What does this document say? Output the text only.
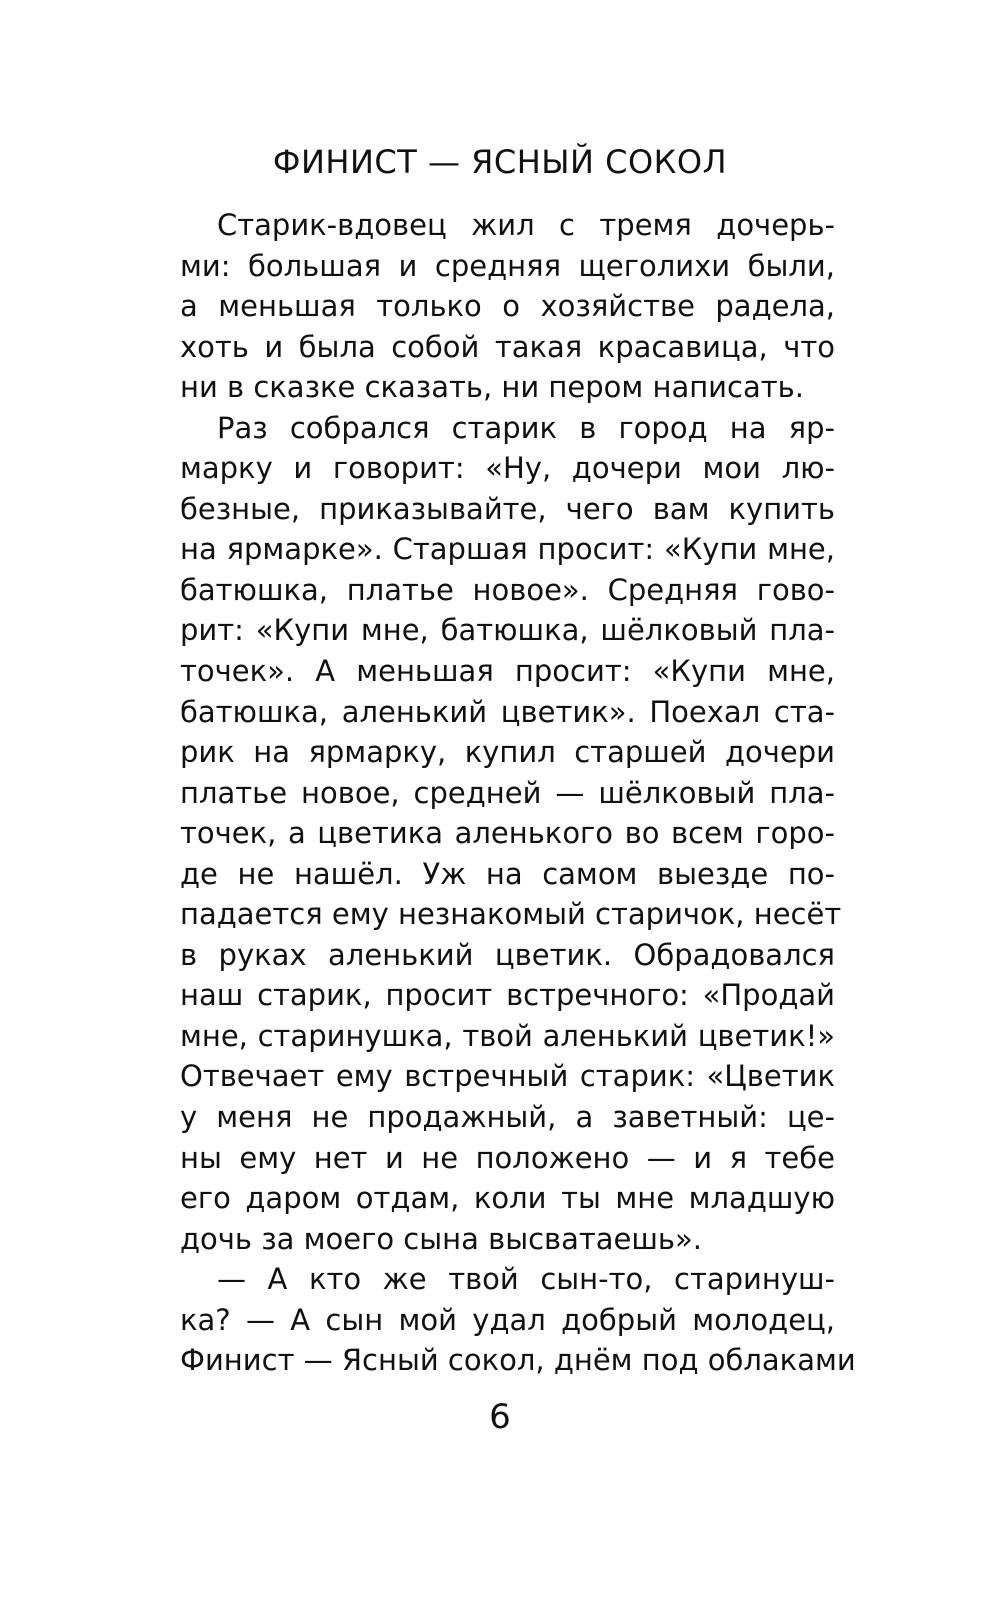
ФИНИСТ — ЯСНЫЙ СОКОЛ
Старик-вдовец жил с тремя дочерь-
ми: большая и средняя щеголихи были,
а меньшая только о хозяйстве радела,
хоть и была собой такая красавица, что
ни в сказке сказать, ни пером написать.
Раз собрался старик в город на яр-
марку и говорит: «Ну, дочери мои лю-
безные, приказывайте, чего вам купить
на ярмарке». Старшая просит: «Купи мне,
батюшка, платье новое». Средняя гово-
рит: «Купи мне, батюшка, шёлковый пла-
точек». А меньшая просит: «Купи мне,
батюшка, аленький цветик». Поехал ста-
рик на ярмарку, купил старшей дочери
платье новое, средней — шёлковый пла-
точек, а цветика аленького во всем горо-
де не нашёл. Уж на самом выезде по-
падается ему незнакомый старичок, несёт
в руках аленький цветик. Обрадовался
наш старик, просит встречного: «Продай
мне, старинушка, твой аленький цветик!»
Отвечает ему встречный старик: «Цветик
у меня не продажный, а заветный: це-
ны ему нет и не положено — и я тебе
его даром отдам, коли ты мне младшую
дочь за моего сына высватаешь».
— А кто же твой сын-то, старинуш-
ка? — А сын мой удал добрый молодец,
Финист — Ясный сокол, днём под облаками
6
